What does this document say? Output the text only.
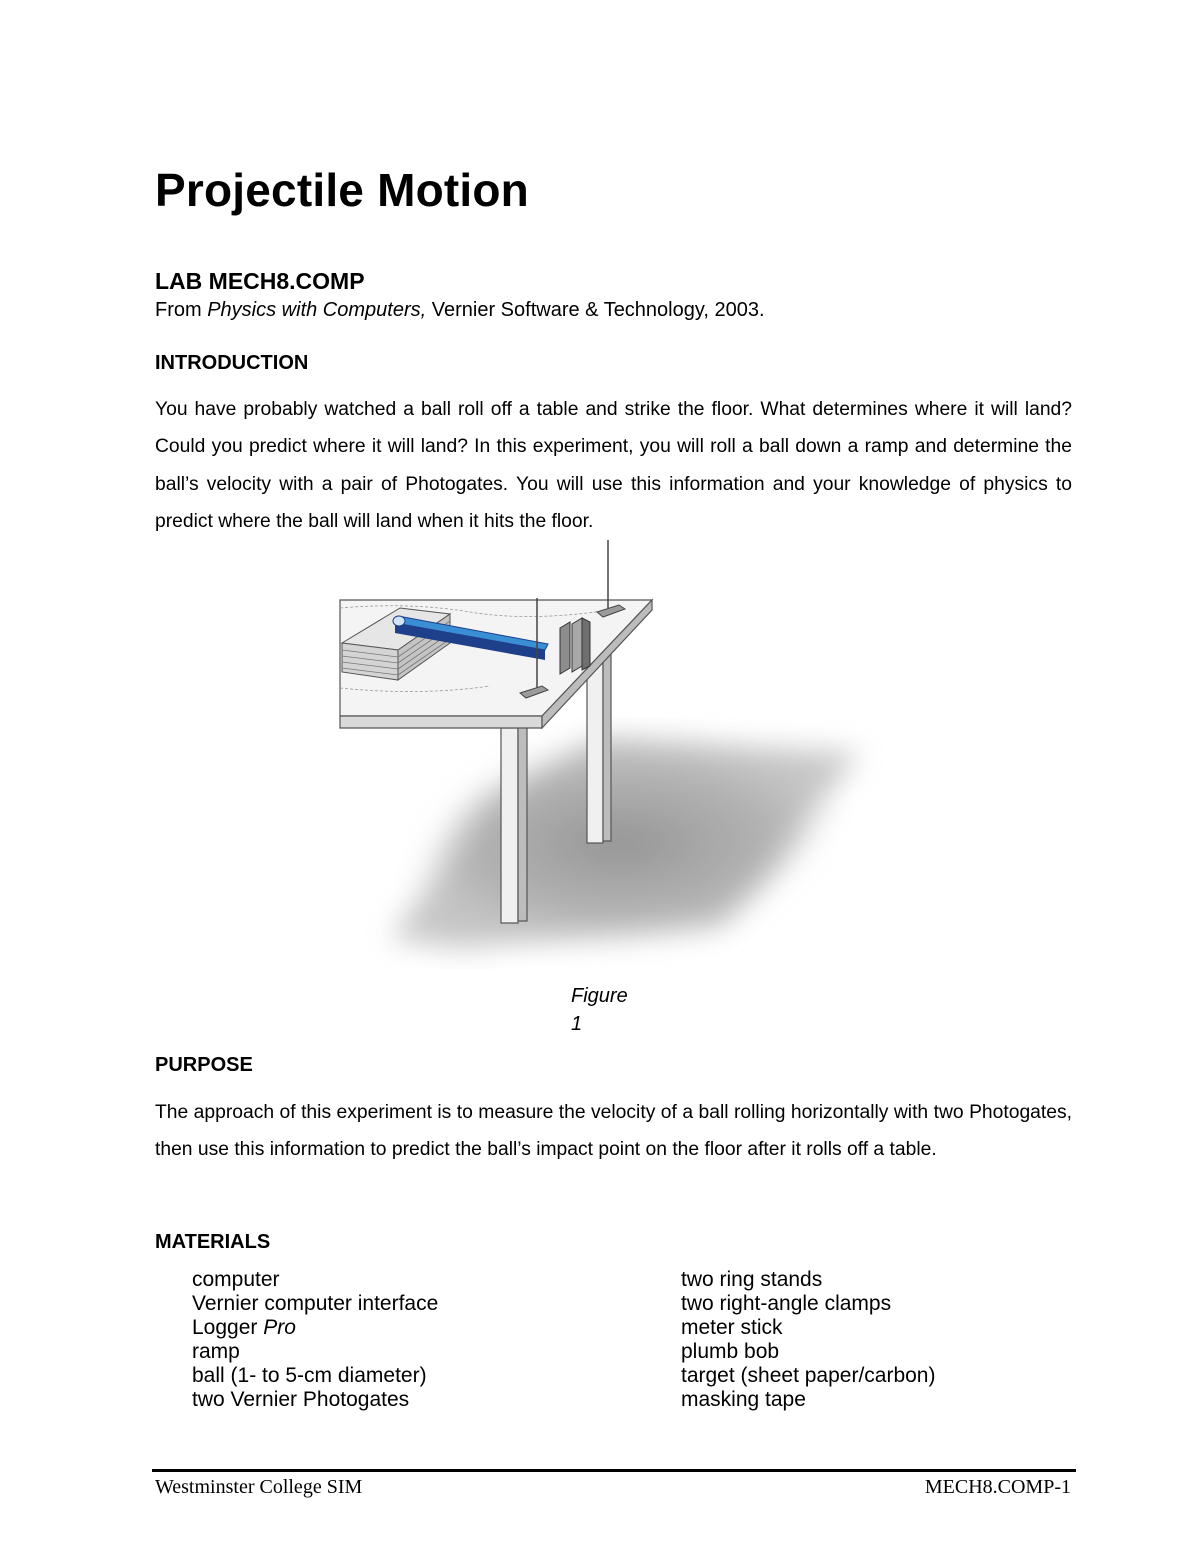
Projectile Motion
LAB MECH8.COMP
From Physics with Computers, Vernier Software & Technology, 2003.
INTRODUCTION
You have probably watched a ball roll off a table and strike the floor. What determines where it will land? Could you predict where it will land? In this experiment, you will roll a ball down a ramp and determine the ball’s velocity with a pair of Photogates. You will use this information and your knowledge of physics to predict where the ball will land when it hits the floor.
Figure
1
PURPOSE
The approach of this experiment is to measure the velocity of a ball rolling horizontally with two Photogates, then use this information to predict the ball’s impact point on the floor after it rolls off a table.
MATERIALS
computer
Vernier computer interface
Logger Pro
ramp
ball (1- to 5-cm diameter)
two Vernier Photogates
two ring stands
two right-angle clamps
meter stick
plumb bob
target (sheet paper/carbon)
masking tape
Westminster College SIM	MECH8.COMP-1
